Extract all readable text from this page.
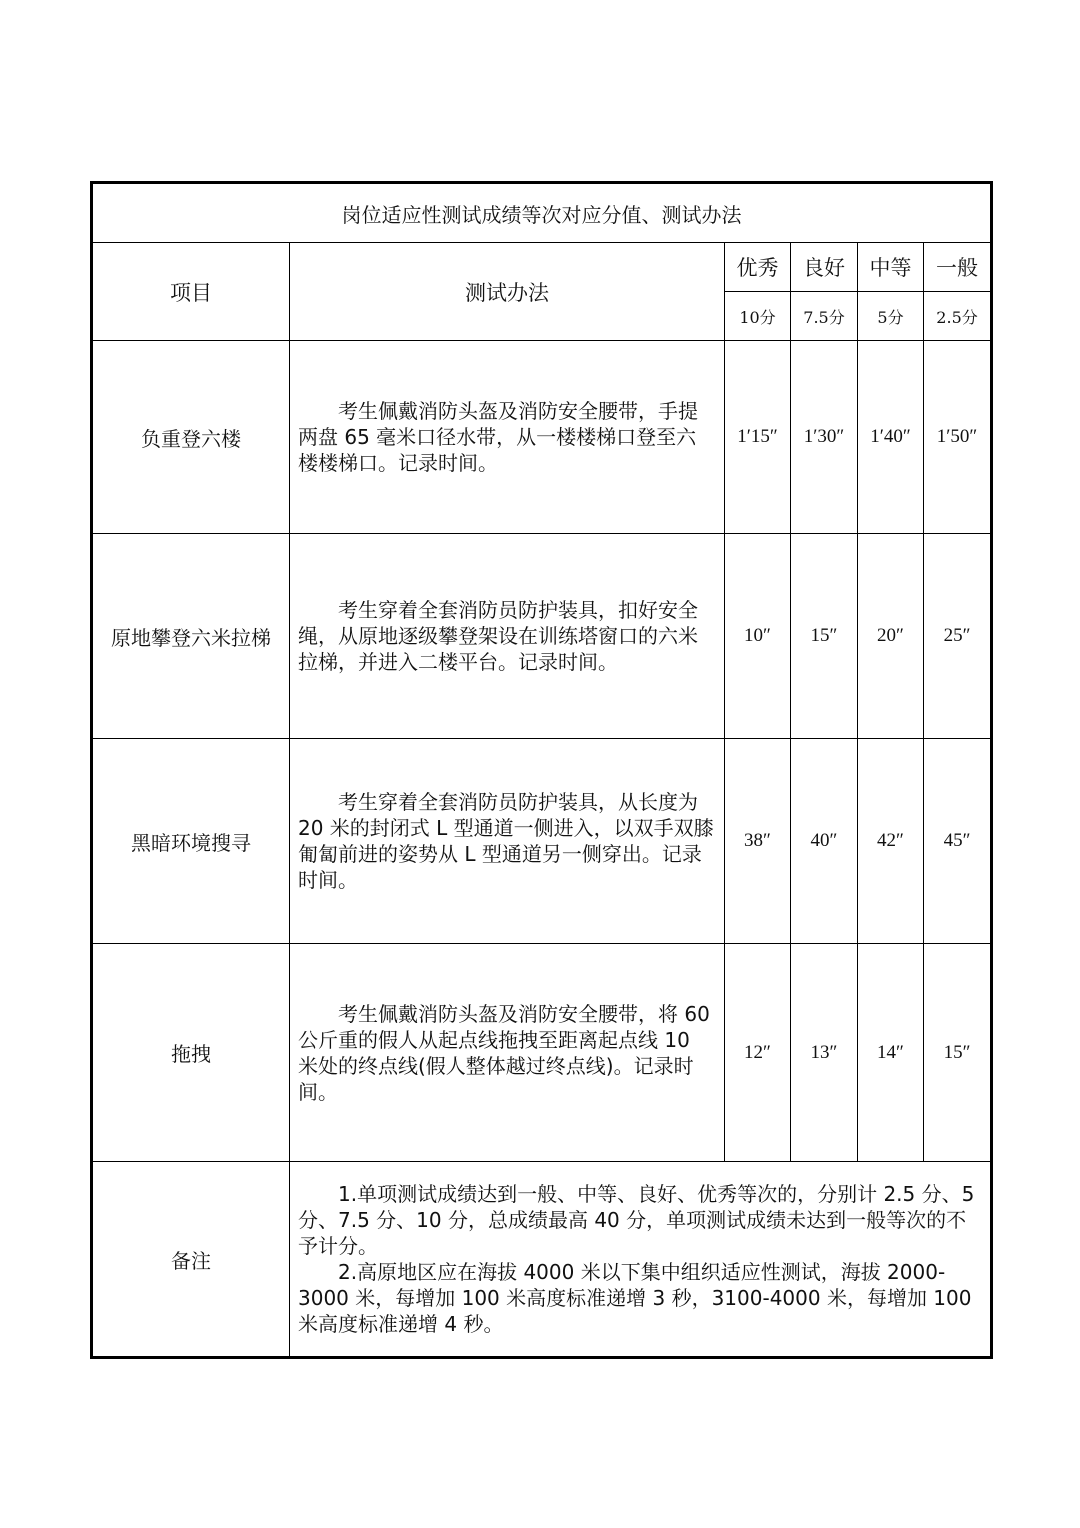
岗位适应性测试成绩等次对应分值、测试办法					
项目	测试办法	优秀	良好	中等	一般
		10分	7.5分	5分	2.5分
负重登六楼	考生佩戴消防头盔及消防安全腰带，手提两盘 65 毫米口径水带，从一楼楼梯口登至六楼楼梯口。记录时间。	1′15″	1′30″	1′40″	1′50″
原地攀登六米拉梯	考生穿着全套消防员防护装具，扣好安全绳，从原地逐级攀登架设在训练塔窗口的六米拉梯，并进入二楼平台。记录时间。	10″	15″	20″	25″
黑暗环境搜寻	考生穿着全套消防员防护装具，从长度为 20 米的封闭式 L 型通道一侧进入，以双手双膝匍匐前进的姿势从 L 型通道另一侧穿出。记录时间。	38″	40″	42″	45″
拖拽	考生佩戴消防头盔及消防安全腰带，将 60 公斤重的假人从起点线拖拽至距离起点线 10 米处的终点线(假人整体越过终点线)。记录时间。	12″	13″	14″	15″
备注	1.单项测试成绩达到一般、中等、良好、优秀等次的，分别计 2.5 分、5 分、7.5 分、10 分，总成绩最高 40 分，单项测试成绩未达到一般等次的不予计分。

2.高原地区应在海拔 4000 米以下集中组织适应性测试，海拔 2000-3000 米，每增加 100 米高度标准递增 3 秒，3100-4000 米，每增加 100 米高度标准递增 4 秒。				
